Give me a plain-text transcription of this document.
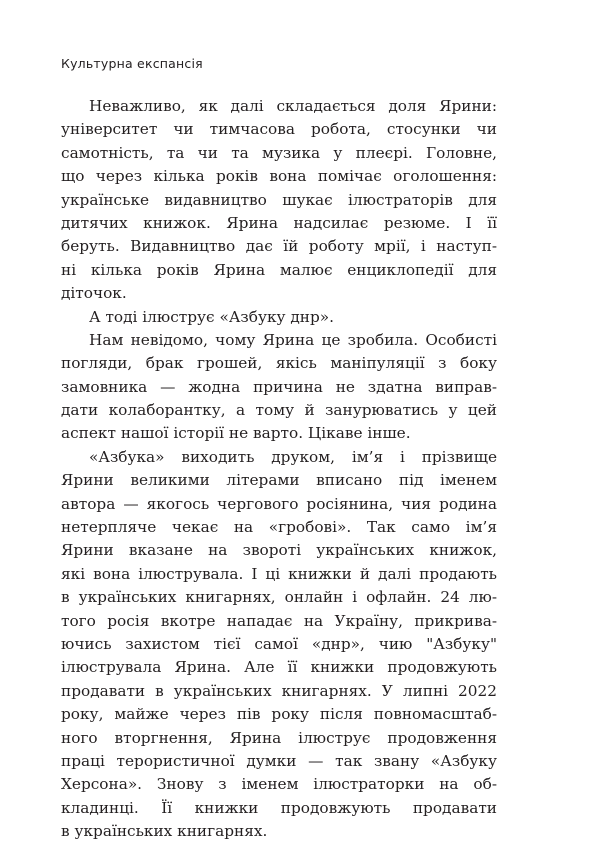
Культурна експансія
Неважливо, як далі складається доля Ярини:
університет чи тимчасова робота, стосунки чи
самотність, та чи та музика у плеєрі. Головне,
що через кілька років вона помічає оголошення:
українське видавництво шукає ілюстраторів для
дитячих книжок. Ярина надсилає резюме. І її
беруть. Видавництво дає їй роботу мрії, і наступ-
ні кілька років Ярина малює енциклопедії для
діточок.
А тоді ілюструє «Азбуку днр».
Нам невідомо, чому Ярина це зробила. Особисті
погляди, брак грошей, якісь маніпуляції з боку
замовника — жодна причина не здатна виправ-
дати колаборантку, а тому й занурюватись у цей
аспект нашої історії не варто. Цікаве інше.
«Азбука» виходить друком, ім’я і прізвище
Ярини великими літерами вписано під іменем
автора — якогось чергового росіянина, чия родина
нетерпляче чекає на «гробові». Так само ім’я
Ярини вказане на звороті українських книжок,
які вона ілюструвала. І ці книжки й далі продають
в українських книгарнях, онлайн і офлайн. 24 лю-
того росія вкотре нападає на Україну, прикрива-
ючись захистом тієї самої «днр», чию "Азбуку"
ілюструвала Ярина. Але її книжки продовжують
продавати в українських книгарнях. У липні 2022
року, майже через пів року після повномасштаб-
ного вторгнення, Ярина ілюструє продовження
праці терористичної думки — так звану «Азбуку
Херсона». Знову з іменем ілюстраторки на об-
кладинці. Її книжки продовжують продавати
в українських книгарнях.
